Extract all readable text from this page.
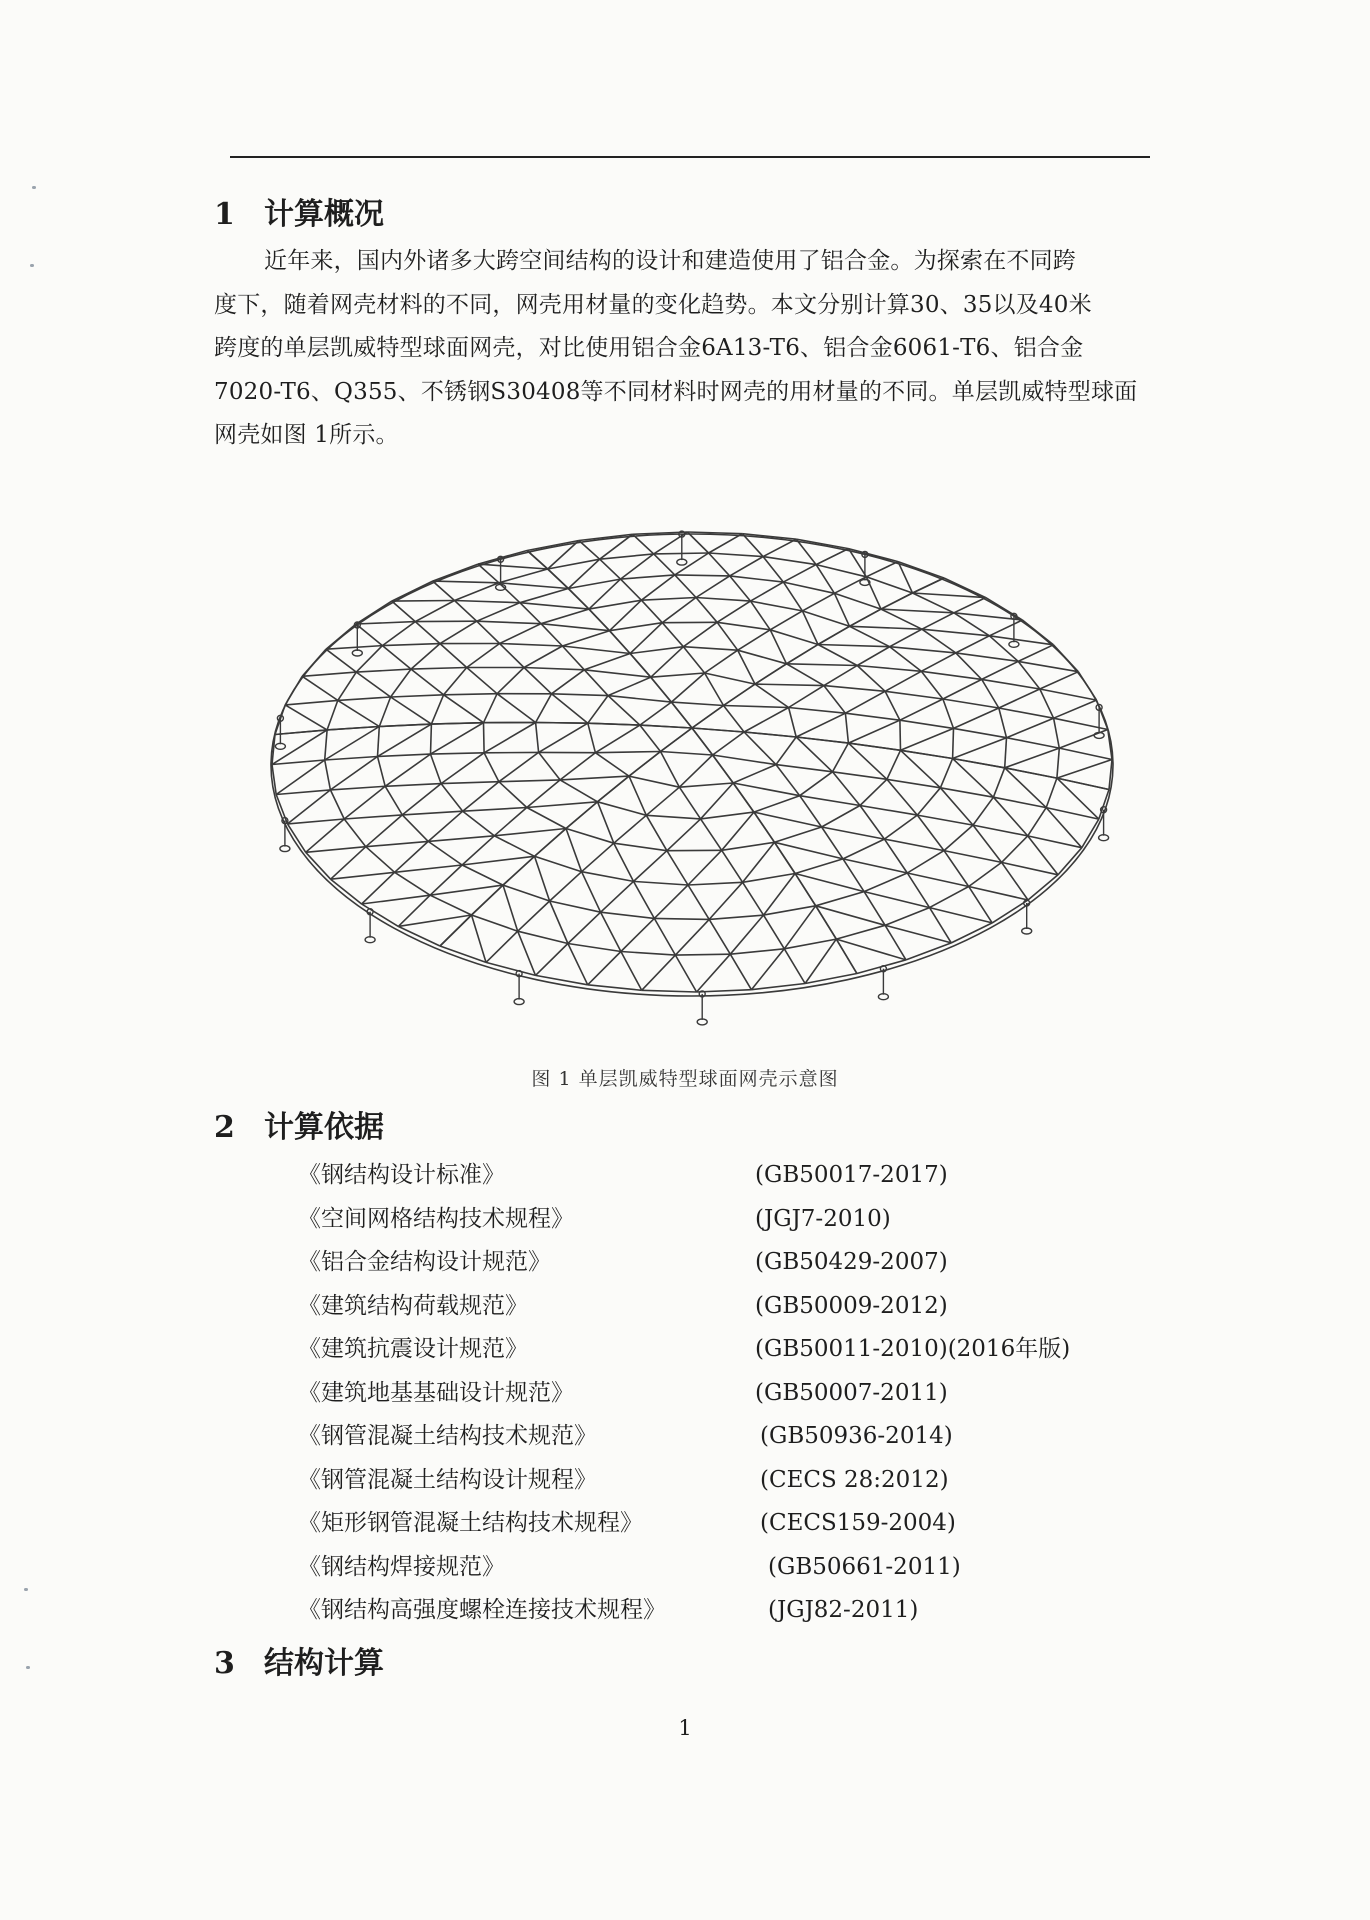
1 计算概况
近年来，国内外诸多大跨空间结构的设计和建造使用了铝合金。为探索在不同跨
度下，随着网壳材料的不同，网壳用材量的变化趋势。本文分别计算30、35以及40米
跨度的单层凯威特型球面网壳，对比使用铝合金6A13-T6、铝合金6061-T6、铝合金
7020-T6、Q355、不锈钢S30408等不同材料时网壳的用材量的不同。单层凯威特型球面
网壳如图 1所示。
图 1 单层凯威特型球面网壳示意图
2 计算依据
《钢结构设计标准》	(GB50017-2017)
《空间网格结构技术规程》	(JGJ7-2010)
《铝合金结构设计规范》	(GB50429-2007)
《建筑结构荷载规范》	(GB50009-2012)
《建筑抗震设计规范》	(GB50011-2010)(2016年版)
《建筑地基基础设计规范》	(GB50007-2011)
《钢管混凝土结构技术规范》	(GB50936-2014)
《钢管混凝土结构设计规程》	(CECS 28:2012)
《矩形钢管混凝土结构技术规程》	(CECS159-2004)
《钢结构焊接规范》	(GB50661-2011)
《钢结构高强度螺栓连接技术规程》	(JGJ82-2011)
3 结构计算
1
